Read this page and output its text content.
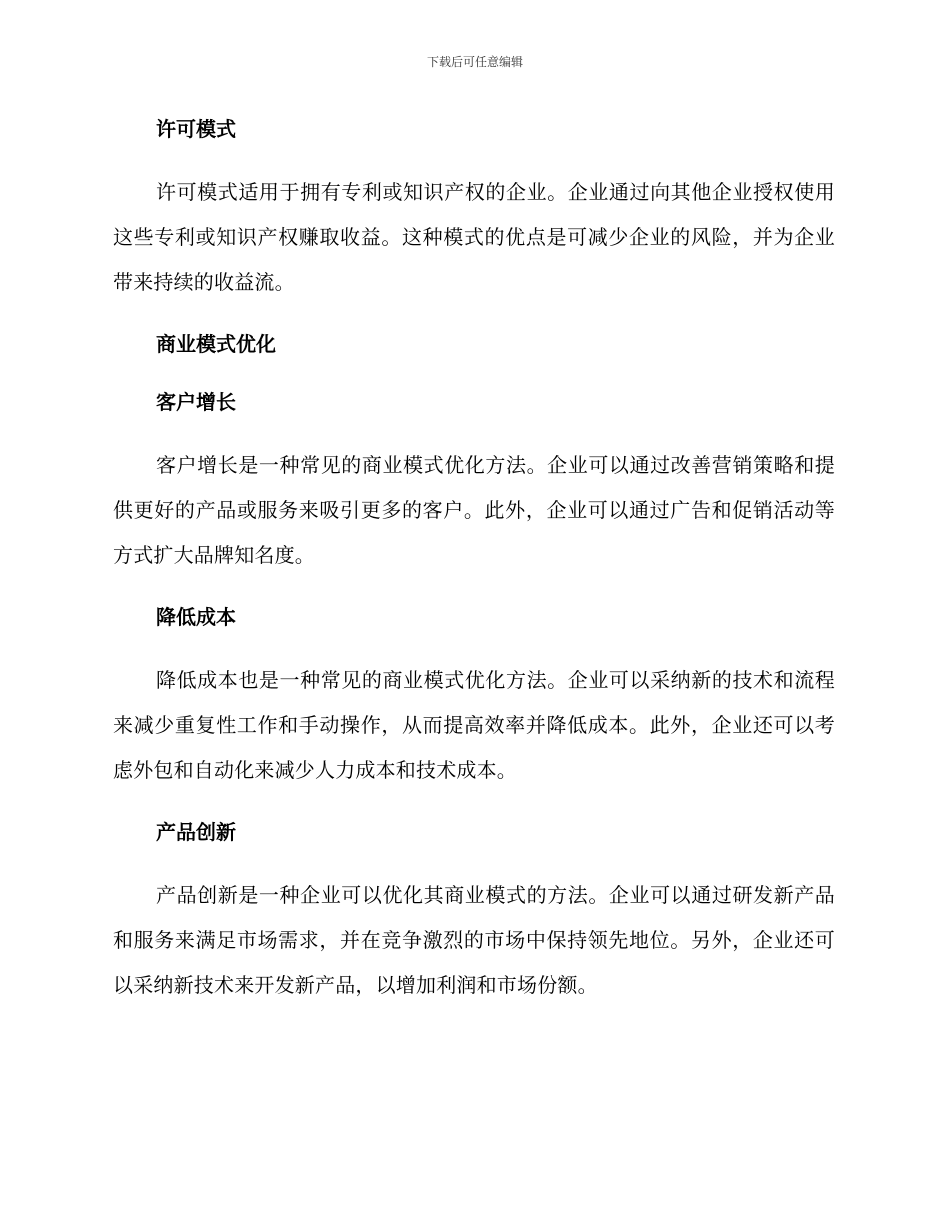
下载后可任意编辑
许可模式

许可模式适用于拥有专利或知识产权的企业。企业通过向其他企业授权使用这些专利或知识产权赚取收益。这种模式的优点是可减少企业的风险，并为企业带来持续的收益流。

商业模式优化
客户增长

客户增长是一种常见的商业模式优化方法。企业可以通过改善营销策略和提供更好的产品或服务来吸引更多的客户。此外，企业可以通过广告和促销活动等方式扩大品牌知名度。

降低成本

降低成本也是一种常见的商业模式优化方法。企业可以采纳新的技术和流程来减少重复性工作和手动操作，从而提高效率并降低成本。此外，企业还可以考虑外包和自动化来减少人力成本和技术成本。

产品创新

产品创新是一种企业可以优化其商业模式的方法。企业可以通过研发新产品和服务来满足市场需求，并在竞争激烈的市场中保持领先地位。另外，企业还可以采纳新技术来开发新产品，以增加利润和市场份额。
